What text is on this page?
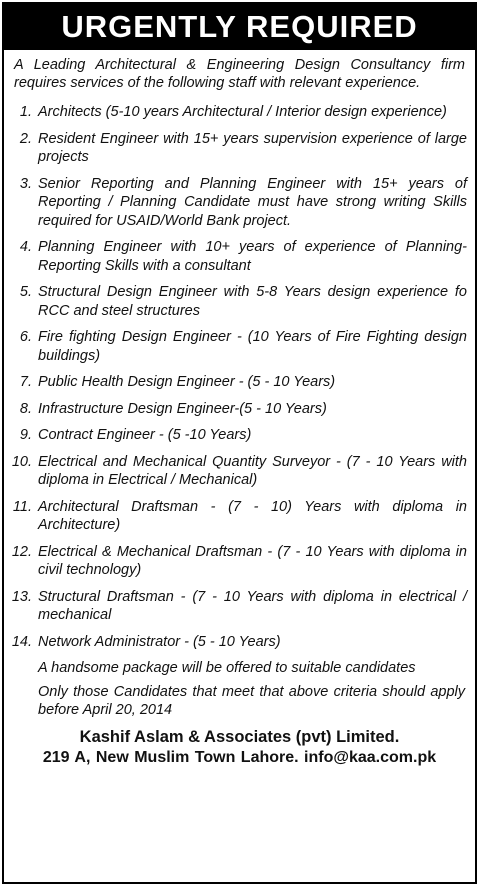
URGENTLY REQUIRED
A Leading Architectural & Engineering Design Consultancy firm requires services of the following staff with relevant experience.
1. Architects (5-10 years Architectural / Interior design experience)
2. Resident Engineer with 15+ years supervision experience of large projects
3. Senior Reporting and Planning Engineer with 15+ years of Reporting / Planning Candidate must have strong writing Skills required for USAID/World Bank project.
4. Planning Engineer with 10+ years of experience of Planning-Reporting Skills with a consultant
5. Structural Design Engineer with 5-8 Years design experience fo RCC and steel structures
6. Fire fighting Design Engineer - (10 Years of Fire Fighting design buildings)
7. Public Health Design Engineer - (5 - 10 Years)
8. Infrastructure Design Engineer-(5 - 10 Years)
9. Contract Engineer - (5 -10 Years)
10. Electrical and Mechanical Quantity Surveyor - (7 - 10 Years with diploma in Electrical / Mechanical)
11. Architectural Draftsman - (7 - 10) Years with diploma in Architecture)
12. Electrical & Mechanical Draftsman - (7 - 10 Years with diploma in civil technology)
13. Structural Draftsman - (7 - 10 Years with diploma in electrical / mechanical
14. Network Administrator - (5 - 10 Years)
A handsome package will be offered to suitable candidates
Only those Candidates that meet that above criteria should apply before April 20, 2014
Kashif Aslam & Associates (pvt) Limited.
219 A, New Muslim Town Lahore. info@kaa.com.pk
